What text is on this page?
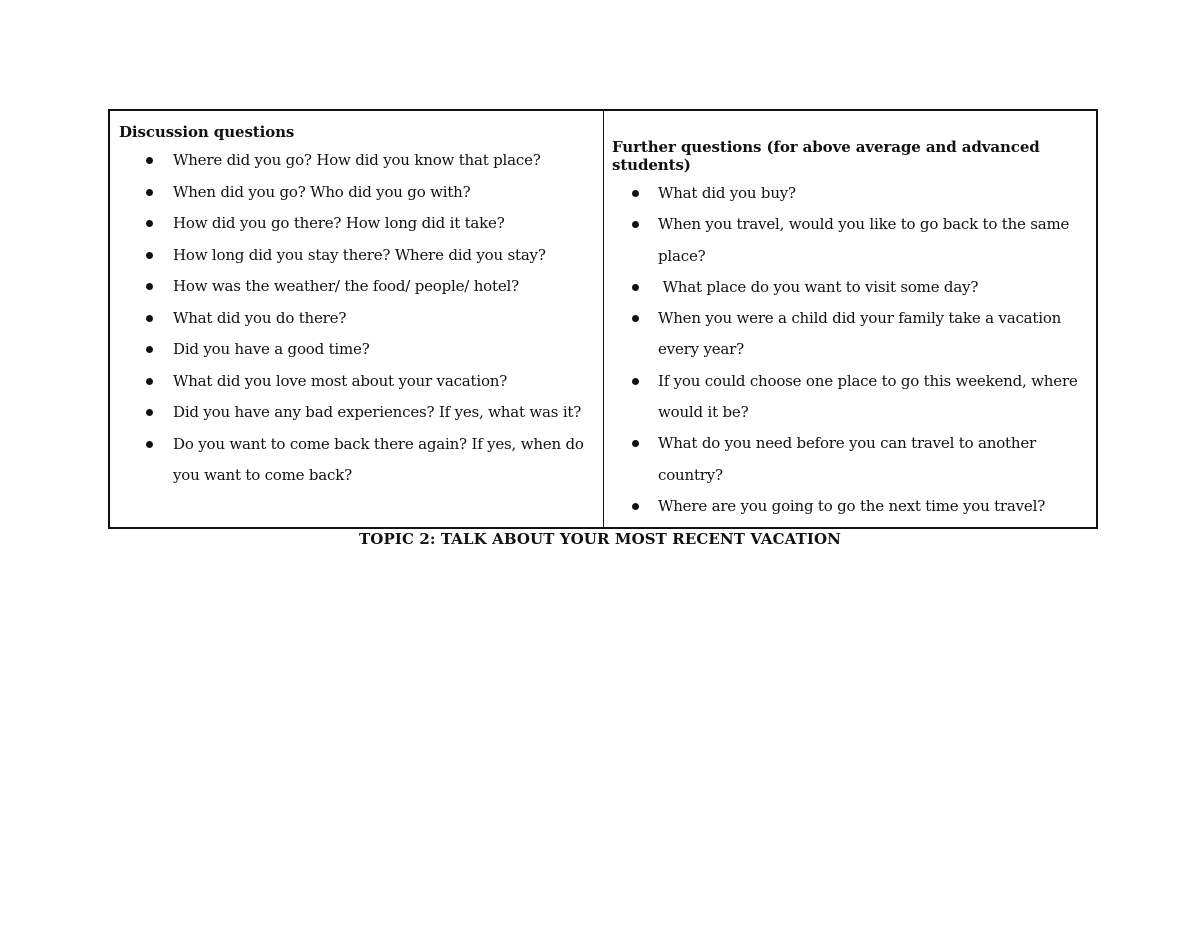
Discussion questions
Where did you go? How did you know that place?
When did you go? Who did you go with?
How did you go there? How long did it take?
How long did you stay there? Where did you stay?
How was the weather/ the food/ people/ hotel?
What did you do there?
Did you have a good time?
What did you love most about your vacation?
Did you have any bad experiences? If yes, what was it?
Do you want to come back there again? If yes, when do you want to come back?
Further questions (for above average and advanced students)
What did you buy?
When you travel, would you like to go back to the same place?
What place do you want to visit some day?
When you were a child did your family take a vacation every year?
If you could choose one place to go this weekend, where would it be?
What do you need before you can travel to another country?
Where are you going to go the next time you travel?
TOPIC 2: TALK ABOUT YOUR MOST RECENT VACATION
